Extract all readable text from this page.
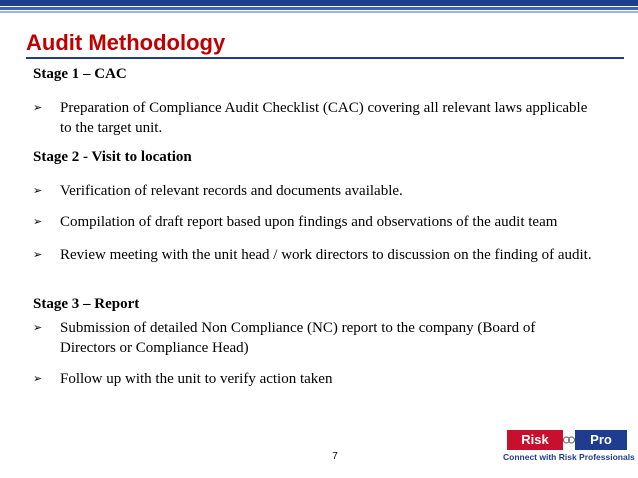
Audit Methodology
Stage 1 – CAC
➢ Preparation of Compliance Audit Checklist (CAC) covering all relevant laws applicable to the target unit.
Stage 2 - Visit to location
➢ Verification of relevant records and documents available.
➢ Compilation of draft report based upon findings and observations of the audit team
➢ Review meeting with the unit head / work directors to discussion on the finding of audit.
Stage 3 – Report
➢ Submission of detailed Non Compliance (NC) report to the company (Board of Directors or Compliance Head)
➢ Follow up with the unit to verify action taken
7
Risk	Pro
Connect with Risk Professionals
